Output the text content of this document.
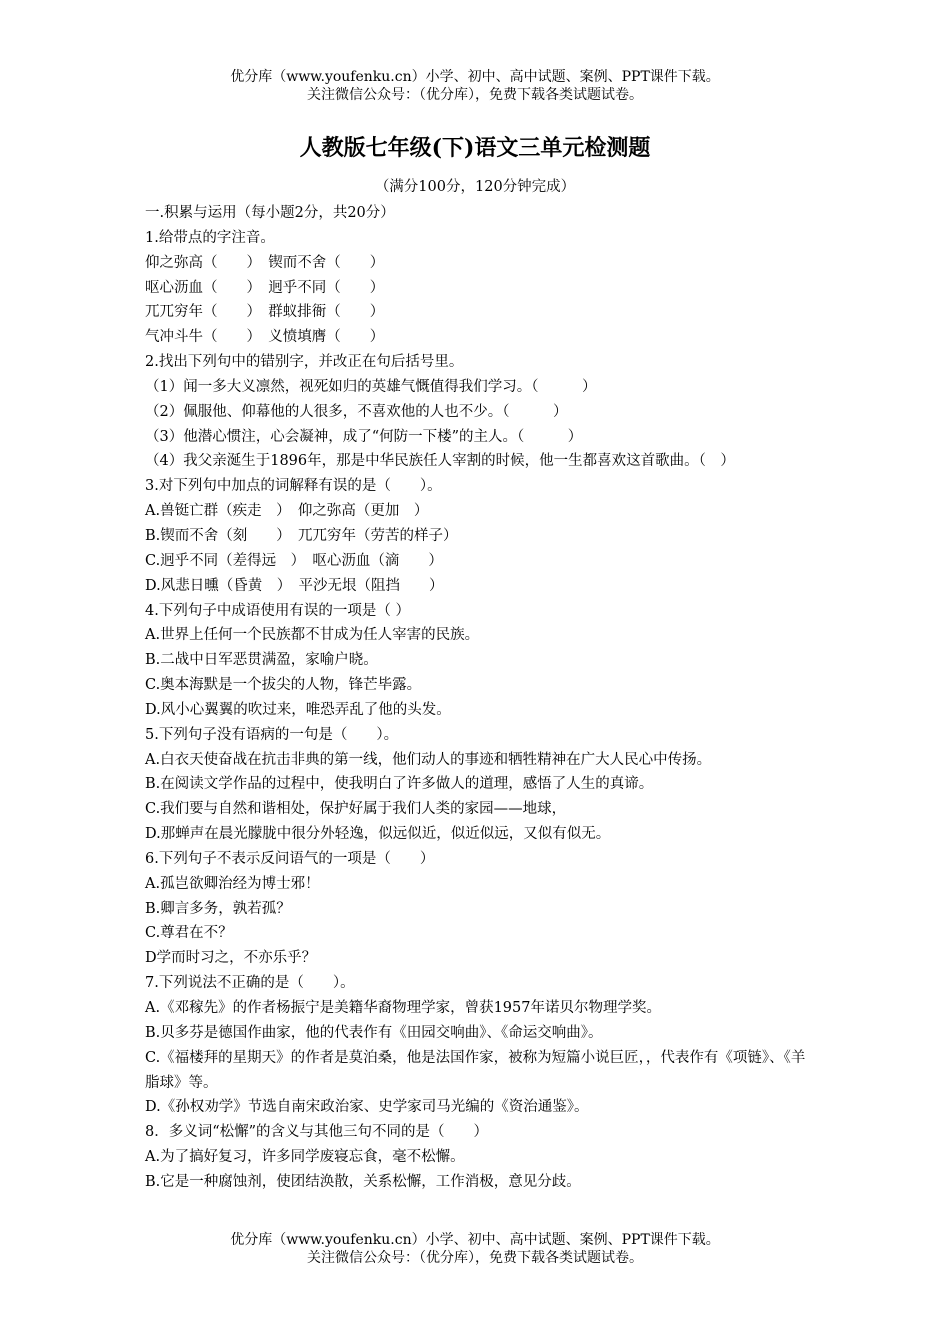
优分库（www.youfenku.cn）小学、初中、高中试题、案例、PPT课件下载。
关注微信公众号：（优分库），免费下载各类试题试卷。
人教版七年级(下)语文三单元检测题
（满分100分，120分钟完成）
一.积累与运用（每小题2分，共20分）
1.给带点的字注音。
仰之弥高（　　）　锲而不舍（　　）
呕心沥血（　　）　迥乎不同（　　）
兀兀穷年（　　）　群蚁排衙（　　）
气冲斗牛（　　）　义愤填膺（　　）
2.找出下列句中的错别字，并改正在句后括号里。
（1）闻一多大义凛然，视死如归的英雄气慨值得我们学习。（　　　）
（2）佩服他、仰幕他的人很多，不喜欢他的人也不少。（　　　）
（3）他潜心惯注，心会凝神，成了“何防一下楼”的主人。（　　　）
（4）我父亲涎生于1896年，那是中华民族任人宰割的时候，他一生都喜欢这首歌曲。（　）
3.对下列句中加点的词解释有误的是（　　）。
A.兽铤亡群（疾走　）　仰之弥高（更加　）
B.锲而不舍（刻　　）　兀兀穷年（劳苦的样子）
C.迥乎不同（差得远　）　呕心沥血（滴　　）
D.风悲日曛（昏黄　）　平沙无垠（阻挡　　）
4.下列句子中成语使用有误的一项是（ ）
A.世界上任何一个民族都不甘成为任人宰害的民族。
B.二战中日军恶贯满盈，家喻户晓。
C.奥本海默是一个拔尖的人物，锋芒毕露。
D.风小心翼翼的吹过来，唯恐弄乱了他的头发。
5.下列句子没有语病的一句是（　　）。
A.白衣天使奋战在抗击非典的第一线，他们动人的事迹和牺牲精神在广大人民心中传扬。
B.在阅读文学作品的过程中，使我明白了许多做人的道理，感悟了人生的真谛。
C.我们要与自然和谐相处，保护好属于我们人类的家园——地球，
D.那蝉声在晨光朦胧中很分外轻逸，似远似近，似近似远，又似有似无。
6.下列句子不表示反问语气的一项是（　　）
A.孤岂欲卿治经为博士邪！
B.卿言多务，孰若孤？
C.尊君在不？
D学而时习之，不亦乐乎？
7.下列说法不正确的是（　　）。
A.《邓稼先》的作者杨振宁是美籍华裔物理学家，曾获1957年诺贝尔物理学奖。
B.贝多芬是德国作曲家，他的代表作有《田园交响曲》、《命运交响曲》。
C.《福楼拜的星期天》的作者是莫泊桑，他是法国作家，被称为短篇小说巨匠，，代表作有《项链》、《羊脂球》等。
D.《孙权劝学》节选自南宋政治家、史学家司马光编的《资治通鉴》。
8．多义词“松懈”的含义与其他三句不同的是（　　）
A.为了搞好复习，许多同学废寝忘食，毫不松懈。
B.它是一种腐蚀剂，使团结涣散，关系松懈，工作消极，意见分歧。
优分库（www.youfenku.cn）小学、初中、高中试题、案例、PPT课件下载。
关注微信公众号：（优分库），免费下载各类试题试卷。
